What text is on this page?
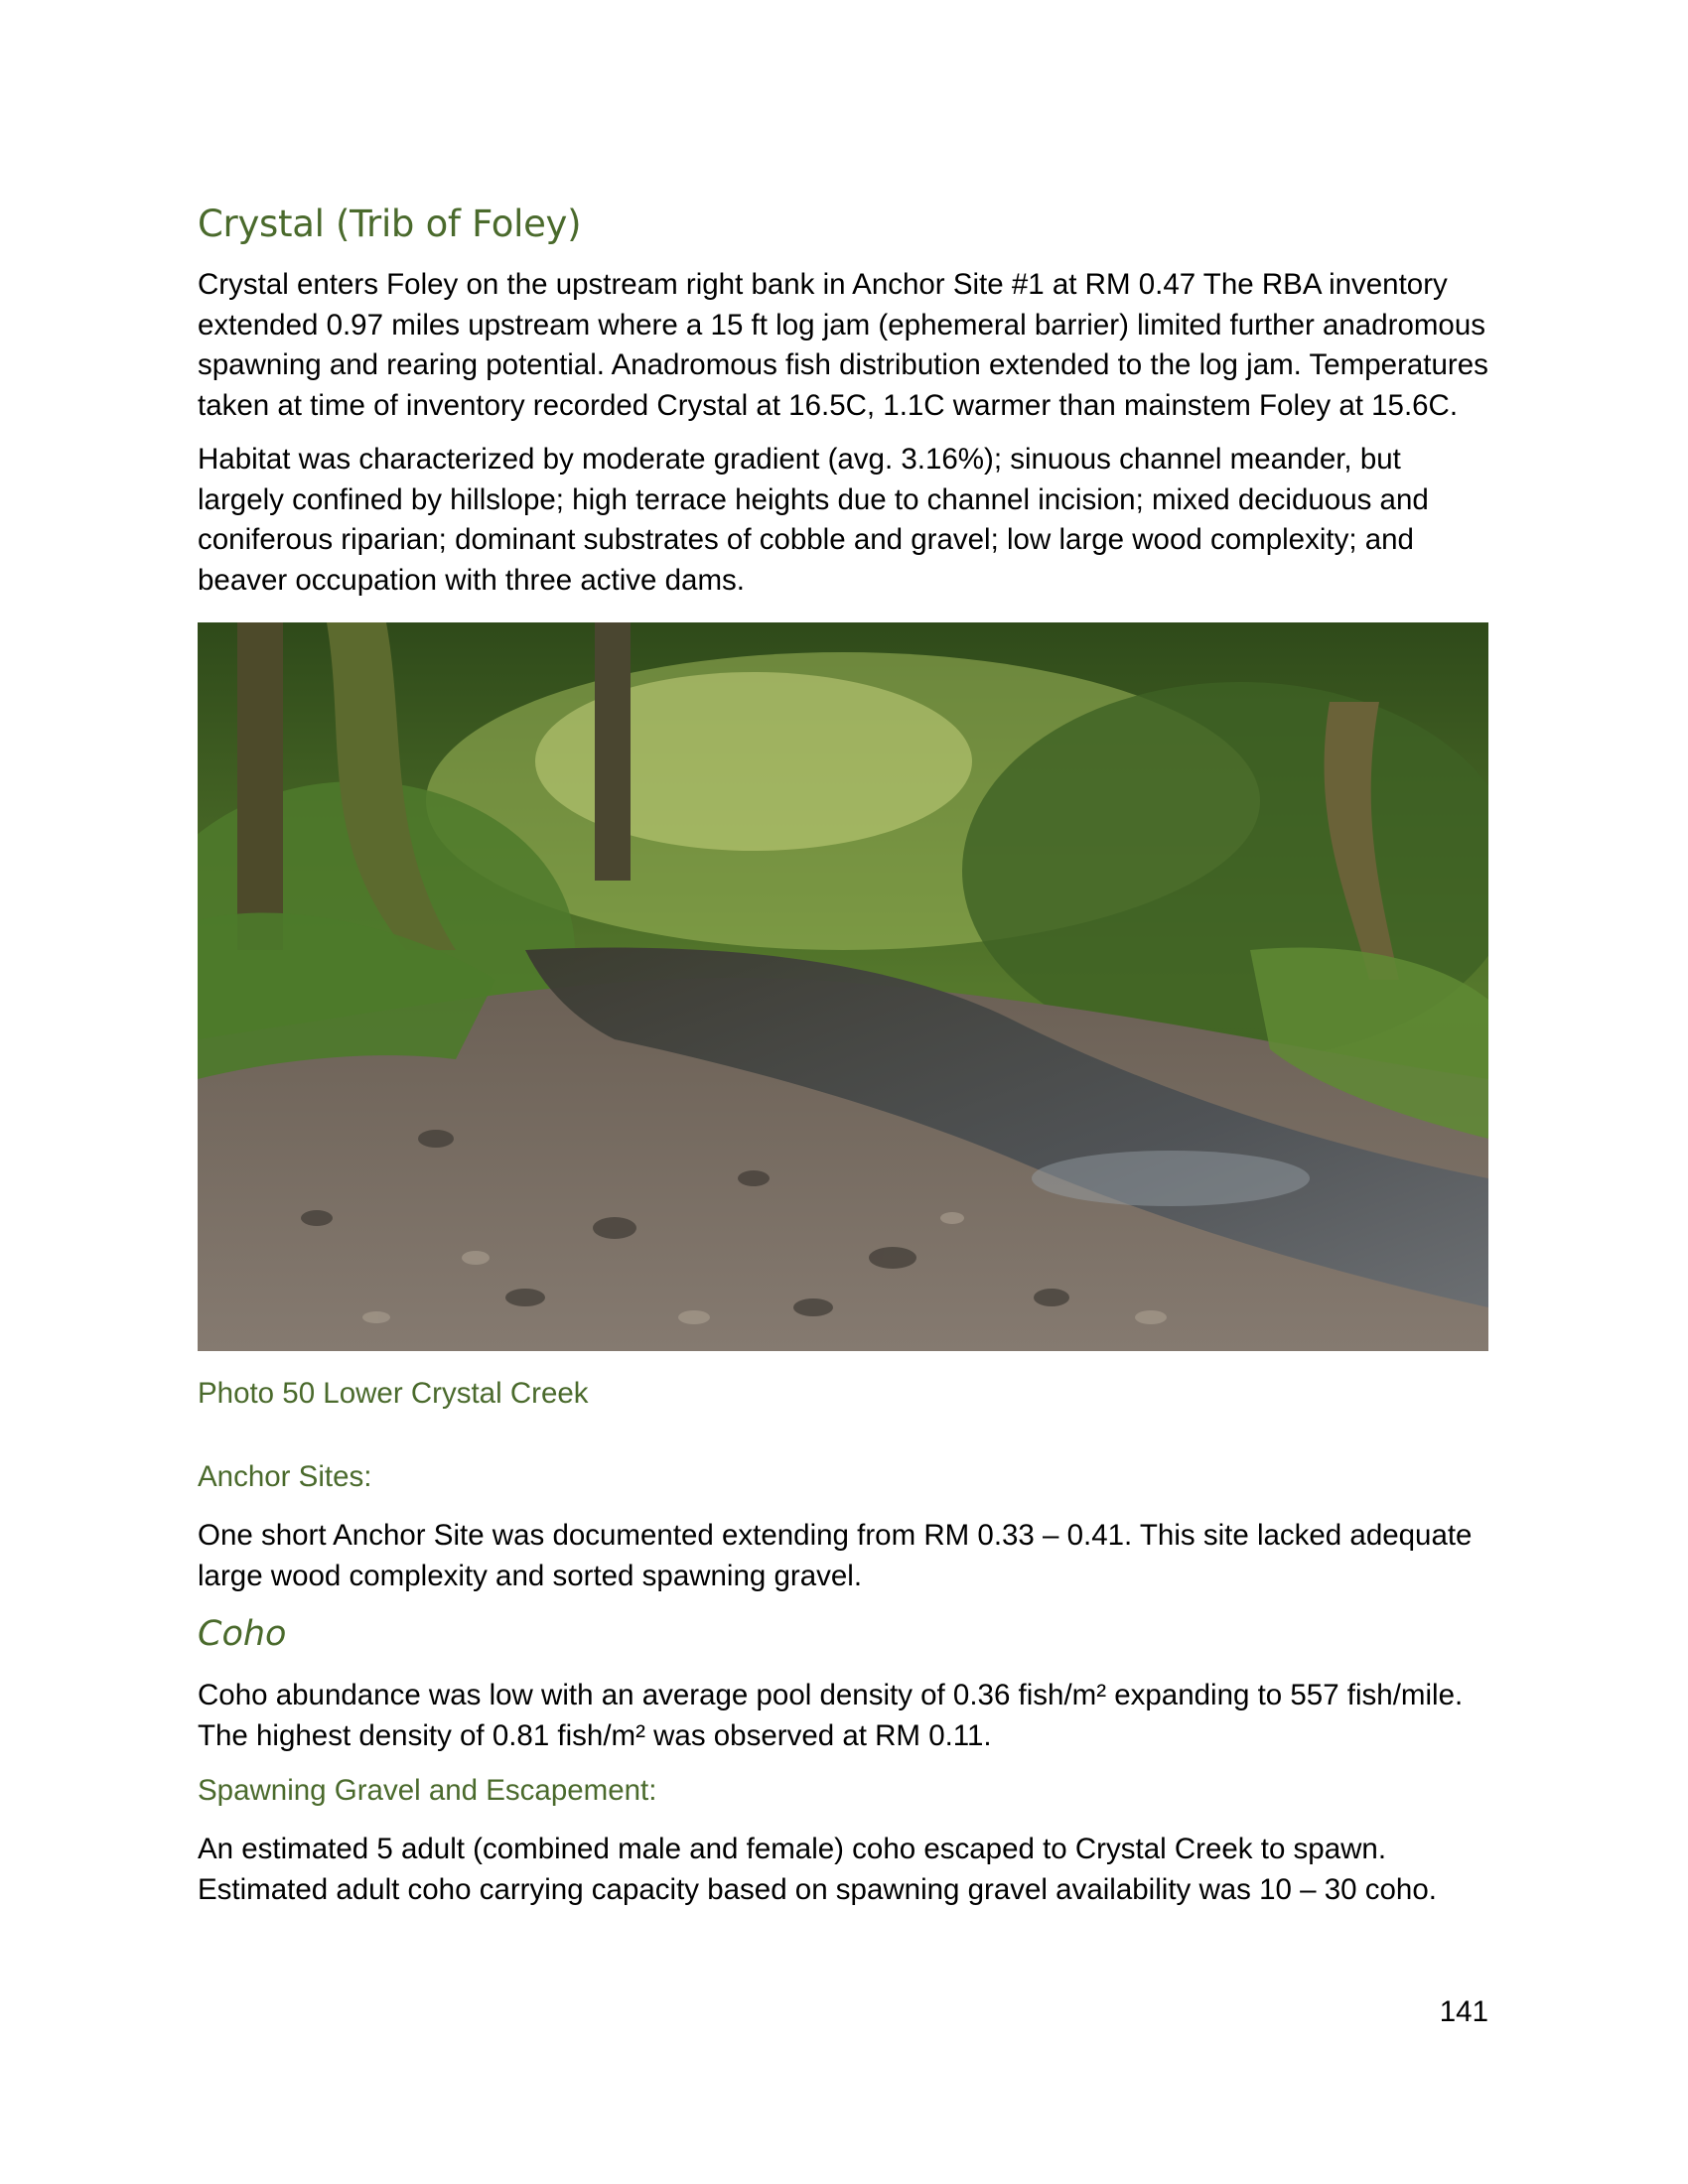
Crystal (Trib of Foley)

Crystal enters Foley on the upstream right bank in Anchor Site #1 at RM 0.47 The RBA inventory extended 0.97 miles upstream where a 15 ft log jam (ephemeral barrier) limited further anadromous spawning and rearing potential. Anadromous fish distribution extended to the log jam. Temperatures taken at time of inventory recorded Crystal at 16.5C, 1.1C warmer than mainstem Foley at 15.6C.

Habitat was characterized by moderate gradient (avg. 3.16%); sinuous channel meander, but largely confined by hillslope; high terrace heights due to channel incision; mixed deciduous and coniferous riparian; dominant substrates of cobble and gravel; low large wood complexity; and beaver occupation with three active dams.

Photo 50 Lower Crystal Creek
Anchor Sites:

One short Anchor Site was documented extending from RM 0.33 – 0.41. This site lacked adequate large wood complexity and sorted spawning gravel.

Coho

Coho abundance was low with an average pool density of 0.36 fish/m² expanding to 557 fish/mile. The highest density of 0.81 fish/m² was observed at RM 0.11.

Spawning Gravel and Escapement:

An estimated 5 adult (combined male and female) coho escaped to Crystal Creek to spawn. Estimated adult coho carrying capacity based on spawning gravel availability was 10 – 30 coho.

141
